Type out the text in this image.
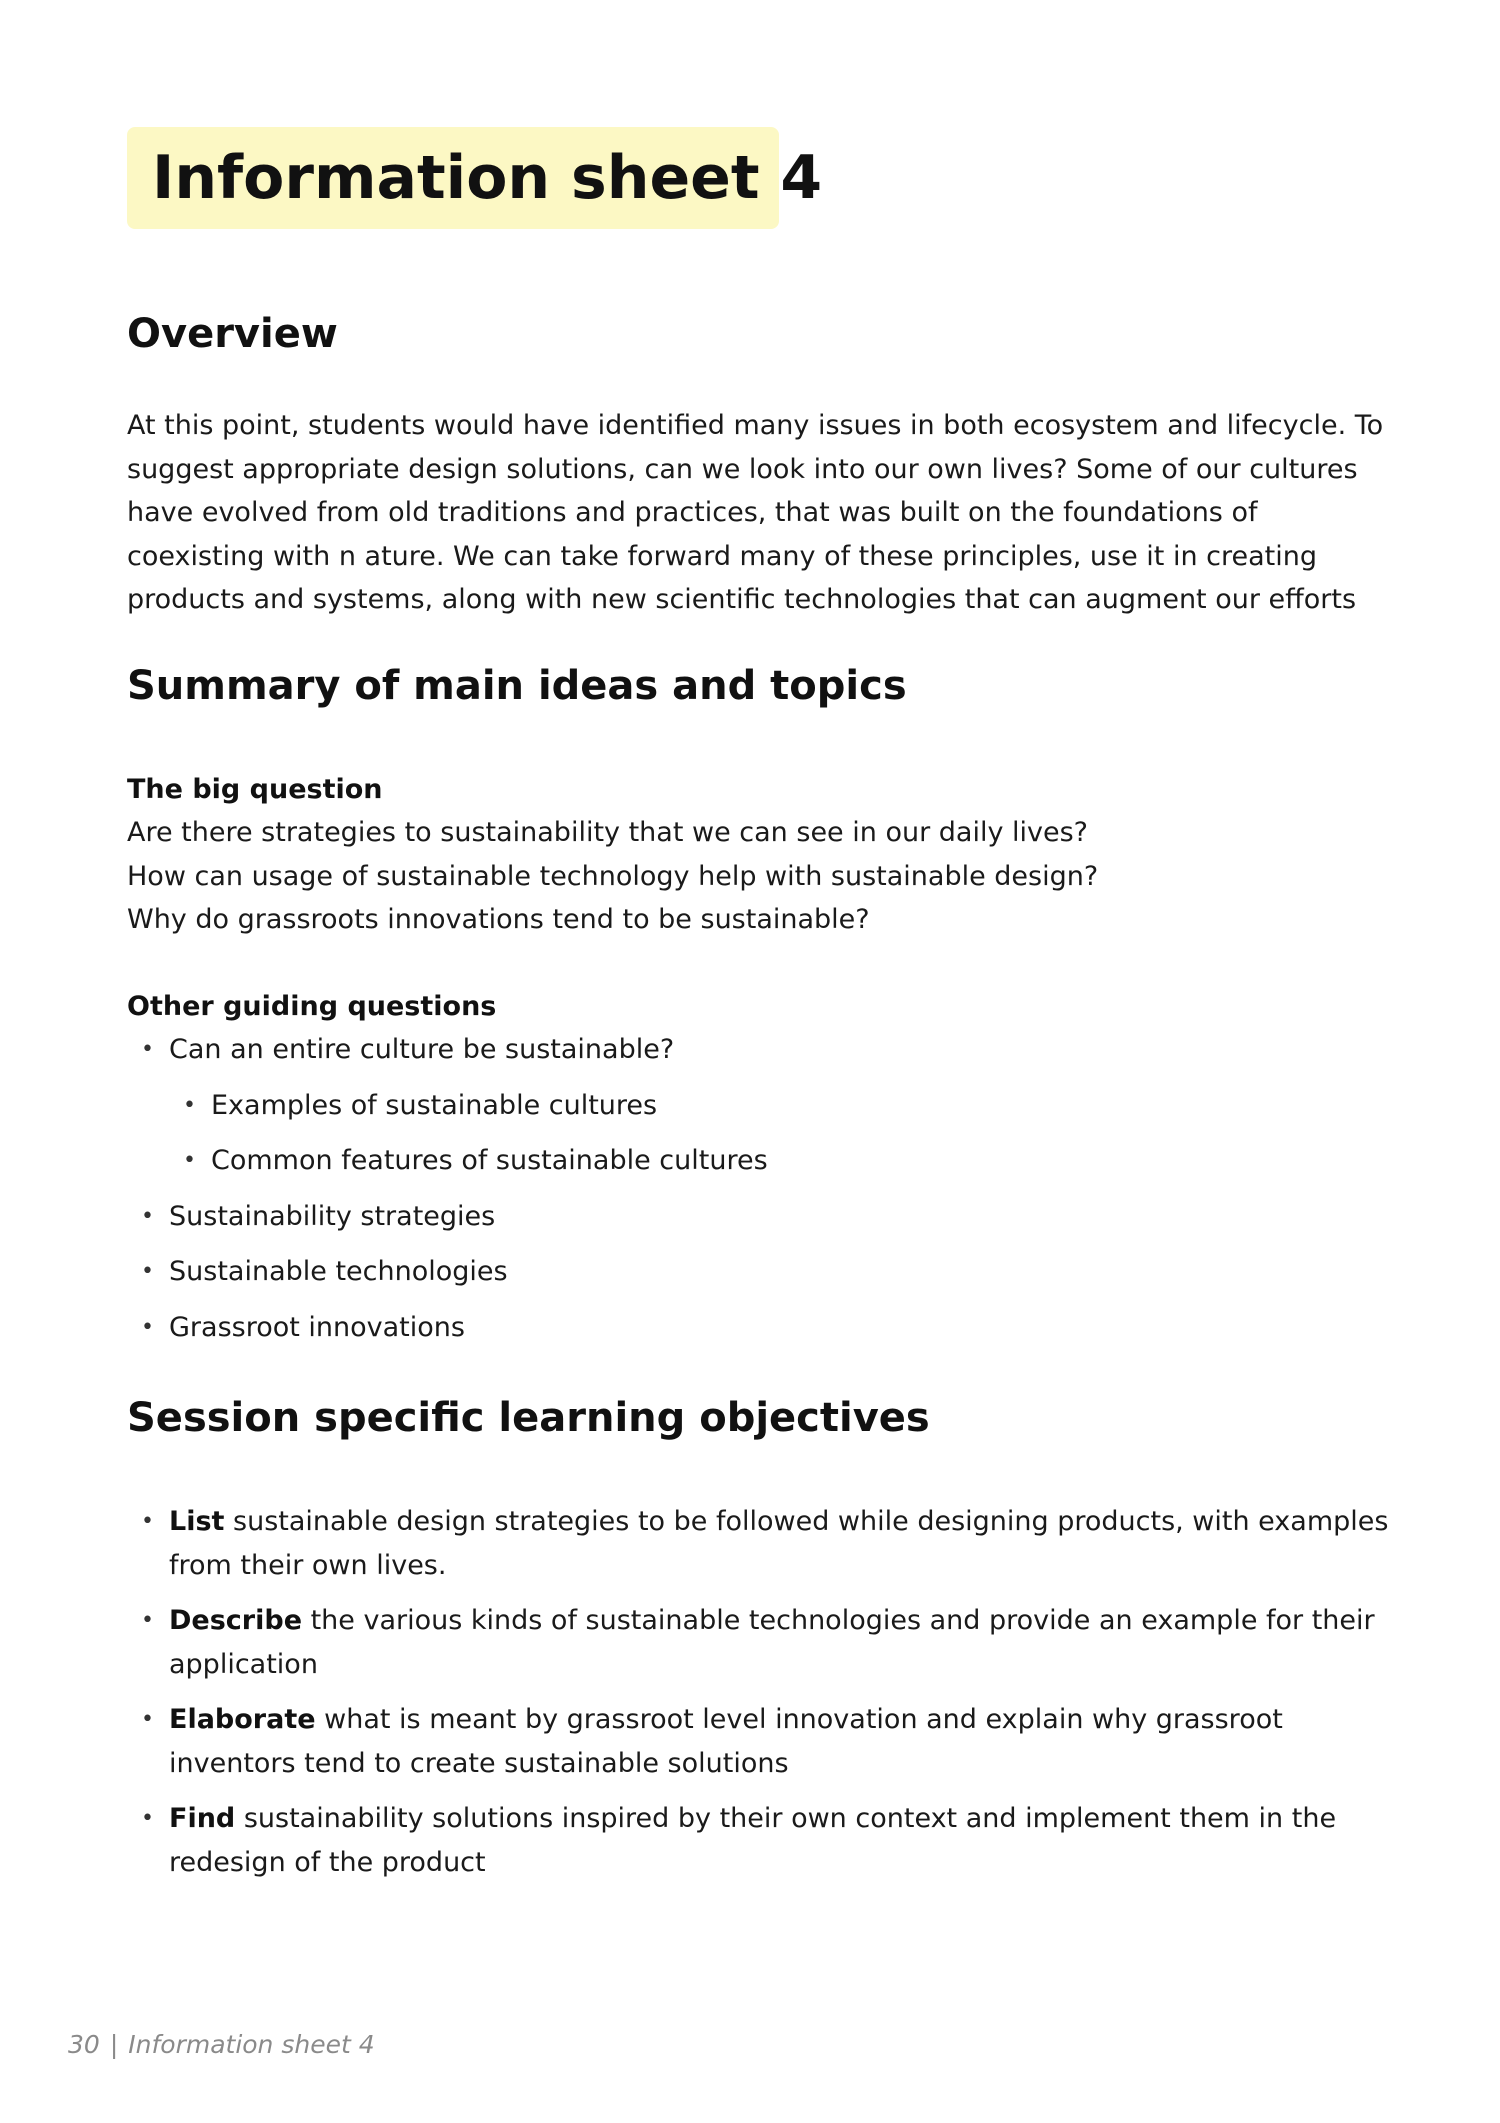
Information sheet 4
Overview

At this point, students would have identified many issues in both ecosystem and lifecycle. To suggest appropriate design solutions, can we look into our own lives? Some of our cultures have evolved from old traditions and practices, that was built on the foundations of coexisting with n ature. We can take forward many of these principles, use it in creating products and systems, along with new scientific technologies that can augment our efforts

Summary of main ideas and topics
The big question
Are there strategies to sustainability that we can see in our daily lives?
How can usage of sustainable technology help with sustainable design?
Why do grassroots innovations tend to be sustainable?
Other guiding questions
• Can an entire culture be sustainable?
• Examples of sustainable cultures
• Common features of sustainable cultures
• Sustainability strategies
• Sustainable technologies
• Grassroot innovations
Session specific learning objectives
• List sustainable design strategies to be followed while designing products, with examples from their own lives.
• Describe the various kinds of sustainable technologies and provide an example for their application
• Elaborate what is meant by grassroot level innovation and explain why grassroot inventors tend to create sustainable solutions
• Find sustainability solutions inspired by their own context and implement them in the redesign of the product

30 | Information sheet 4
